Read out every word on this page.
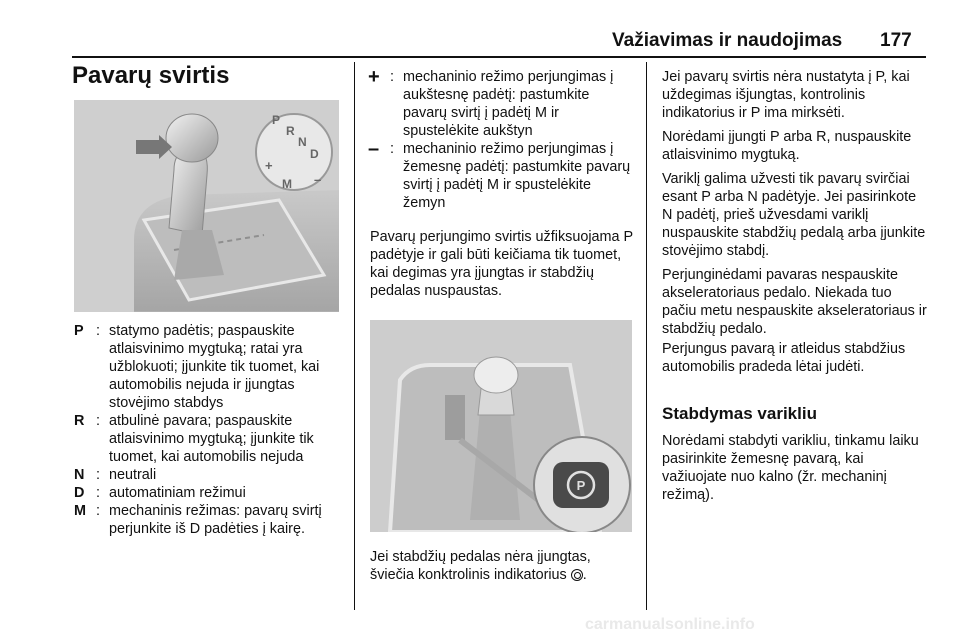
Važiavimas ir naudojimas 177
Pavarų svirtis
P
R
N
D
M
+
–
P : statymo padėtis; paspauskite atlaisvinimo mygtuką; ratai yra užblokuoti; įjunkite tik tuomet, kai automobilis nejuda ir įjungtas stovėjimo stabdys
R : atbulinė pavara; paspauskite atlaisvinimo mygtuką; įjunkite tik tuomet, kai automobilis nejuda
N : neutrali
D : automatiniam režimui
M : mechaninis režimas: pavarų svirtį perjunkite iš D padėties į kairę.
+ : mechaninio režimo perjungimas į aukštesnę padėtį: pastumkite pavarų svirtį į padėtį M ir spustelėkite aukštyn
– : mechaninio režimo perjungimas į žemesnę padėtį: pastumkite pavarų svirtį į padėtį M ir spustelėkite žemyn

Pavarų perjungimo svirtis užfiksuojama P padėtyje ir gali būti keičiama tik tuomet, kai degimas yra įjungtas ir stabdžių pedalas nuspaustas.

P

Jei stabdžių pedalas nėra įjungtas, šviečia konktrolinis indikatorius .

Jei pavarų svirtis nėra nustatyta į P, kai uždegimas išjungtas, kontrolinis indikatorius ir P ima mirksėti.

Norėdami įjungti P arba R, nuspauskite atlaisvinimo mygtuką.

Variklį galima užvesti tik pavarų svirčiai esant P arba N padėtyje. Jei pasirinkote N padėtį, prieš užvesdami variklį nuspauskite stabdžių pedalą arba įjunkite stovėjimo stabdį.

Perjunginėdami pavaras nespauskite akseleratoriaus pedalo. Niekada tuo pačiu metu nespauskite akseleratoriaus ir stabdžių pedalo.

Perjungus pavarą ir atleidus stabdžius automobilis pradeda lėtai judėti.

Stabdymas varikliu

Norėdami stabdyti varikliu, tinkamu laiku pasirinkite žemesnę pavarą, kai važiuojate nuo kalno (žr. mechaninį režimą).

carmanualsonline.info
